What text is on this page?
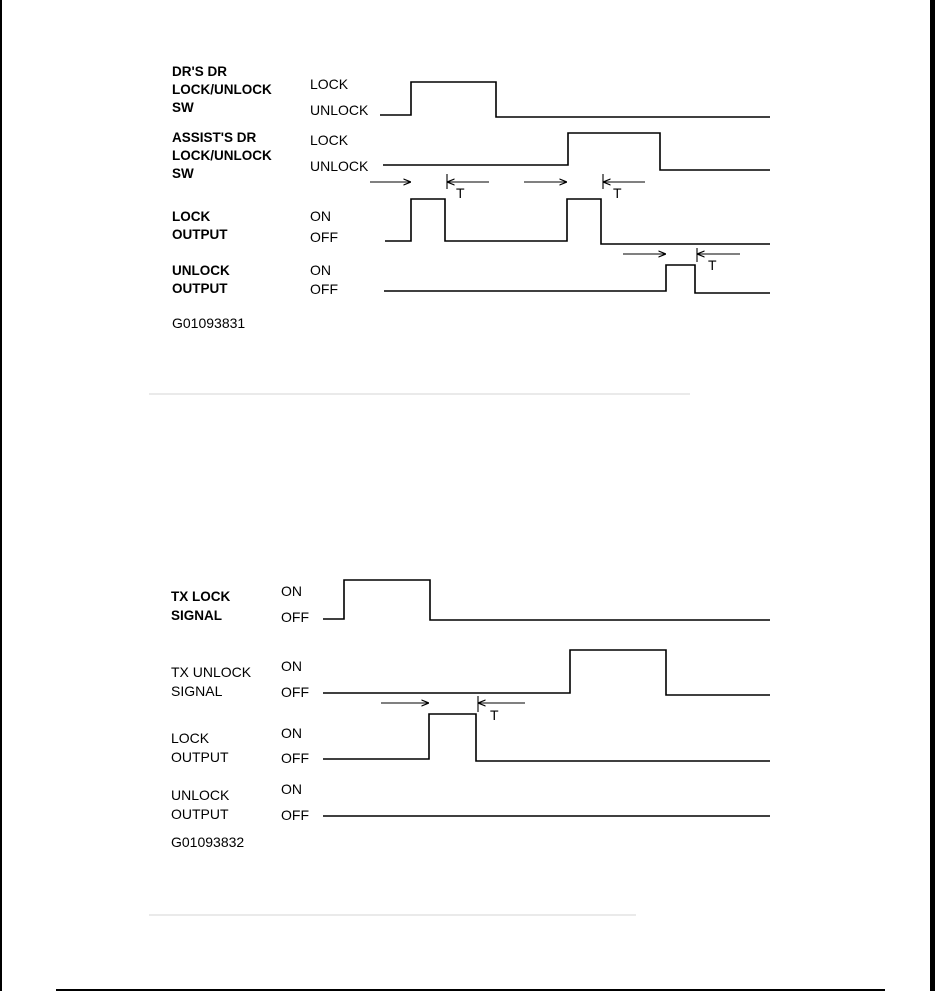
DR'S DR
LOCK/UNLOCK
SW
ASSIST'S DR
LOCK/UNLOCK
SW
LOCK
OUTPUT
UNLOCK
OUTPUT
LOCK
UNLOCK
LOCK
UNLOCK
ON
OFF
ON
OFF
T	T
T
G01093831
TX LOCK
SIGNAL
TX UNLOCK
SIGNAL
LOCK
OUTPUT
UNLOCK
OUTPUT
ON
OFF
ON
OFF
ON
OFF
ON
OFF
T
G01093832
